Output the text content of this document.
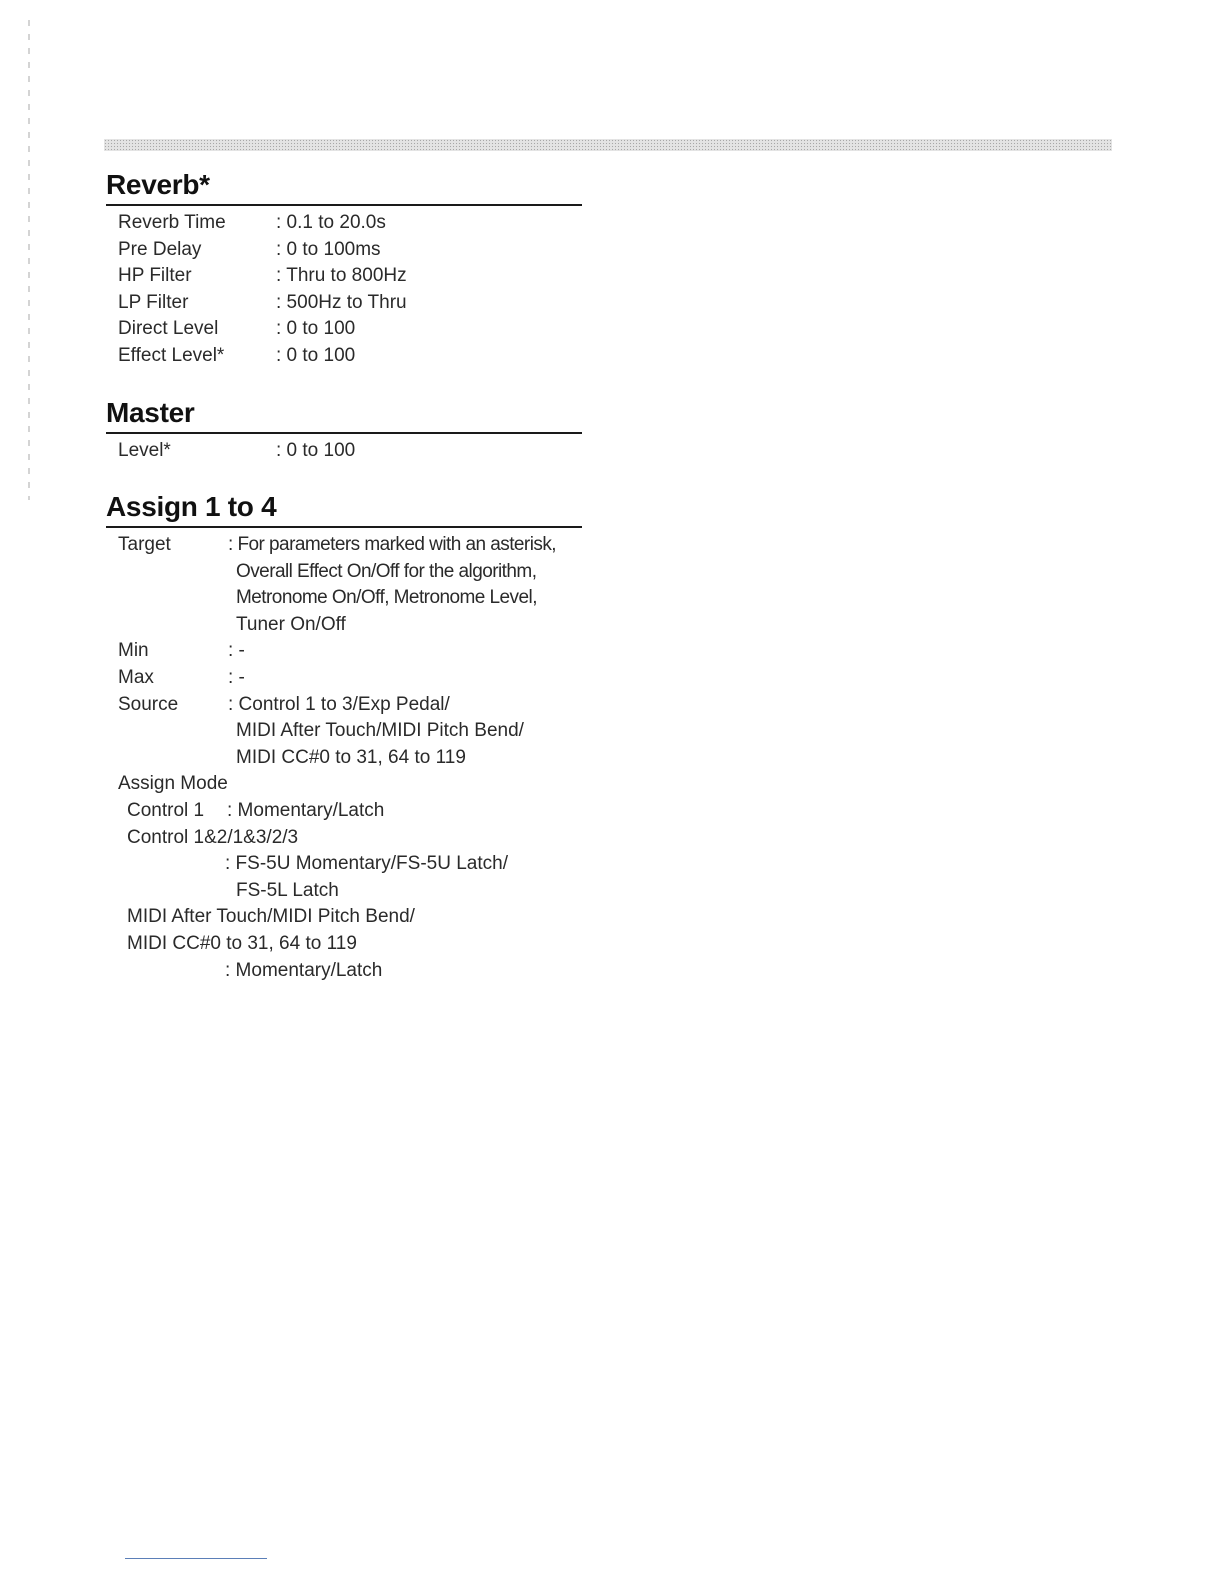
Reverb*
Reverb Time	: 0.1 to 20.0s
Pre Delay	: 0 to 100ms
HP Filter	: Thru to 800Hz
LP Filter	: 500Hz to Thru
Direct Level	: 0 to 100
Effect Level*	: 0 to 100
Master
Level*	: 0 to 100
Assign 1 to 4
Target	: For parameters marked with an asterisk,
Overall Effect On/Off for the algorithm,
Metronome On/Off, Metronome Level,
Tuner On/Off
Min	: -
Max	: -
Source	: Control 1 to 3/Exp Pedal/
MIDI After Touch/MIDI Pitch Bend/
MIDI CC#0 to 31, 64 to 119
Assign Mode
Control 1	: Momentary/Latch
Control 1&2/1&3/2/3
: FS-5U Momentary/FS-5U Latch/
FS-5L Latch
MIDI After Touch/MIDI Pitch Bend/
MIDI CC#0 to 31, 64 to 119
: Momentary/Latch
